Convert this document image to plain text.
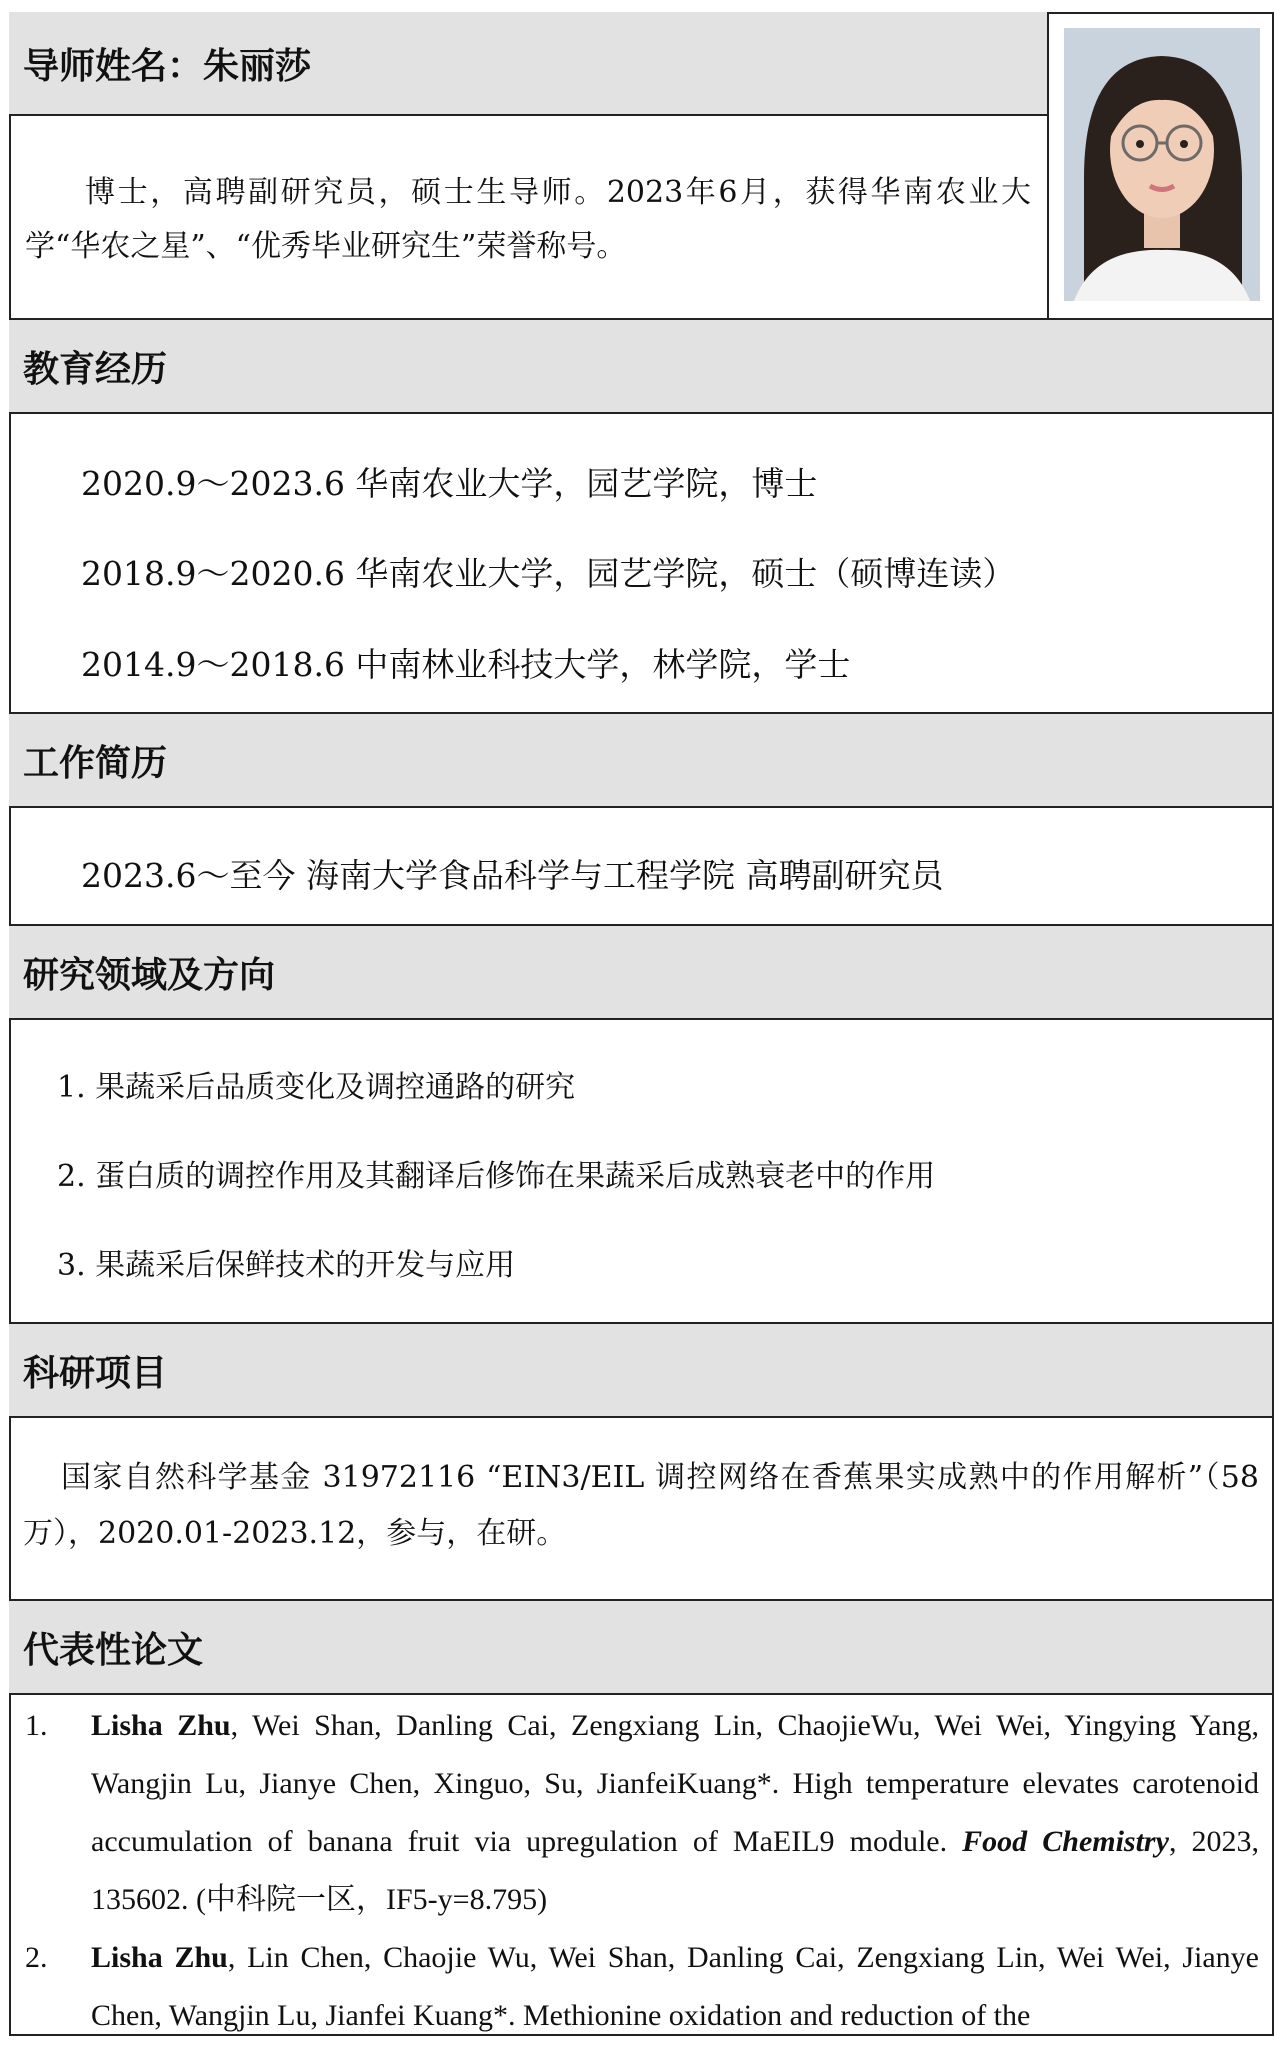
导师姓名：朱丽莎
博士，高聘副研究员，硕士生导师。2023年6月，获得华南农业大学“华农之星”、“优秀毕业研究生”荣誉称号。
教育经历
2020.9～2023.6 华南农业大学，园艺学院，博士
2018.9～2020.6 华南农业大学，园艺学院，硕士（硕博连读）
2014.9～2018.6 中南林业科技大学，林学院，学士
工作简历
2023.6～至今 海南大学食品科学与工程学院 高聘副研究员
研究领域及方向
1. 果蔬采后品质变化及调控通路的研究
2. 蛋白质的调控作用及其翻译后修饰在果蔬采后成熟衰老中的作用
3. 果蔬采后保鲜技术的开发与应用
科研项目
国家自然科学基金 31972116 “EIN3/EIL 调控网络在香蕉果实成熟中的作用解析”（58万），2020.01-2023.12，参与，在研。
代表性论文
1. Lisha Zhu, Wei Shan, Danling Cai, Zengxiang Lin, ChaojieWu, Wei Wei, Yingying Yang, Wangjin Lu, Jianye Chen, Xinguo, Su, JianfeiKuang*. High temperature elevates carotenoid accumulation of banana fruit via upregulation of MaEIL9 module. Food Chemistry, 2023, 135602. (中科院一区，IF5-y=8.795)
2. Lisha Zhu, Lin Chen, Chaojie Wu, Wei Shan, Danling Cai, Zengxiang Lin, Wei Wei, Jianye Chen, Wangjin Lu, Jianfei Kuang*. Methionine oxidation and reduction of the
